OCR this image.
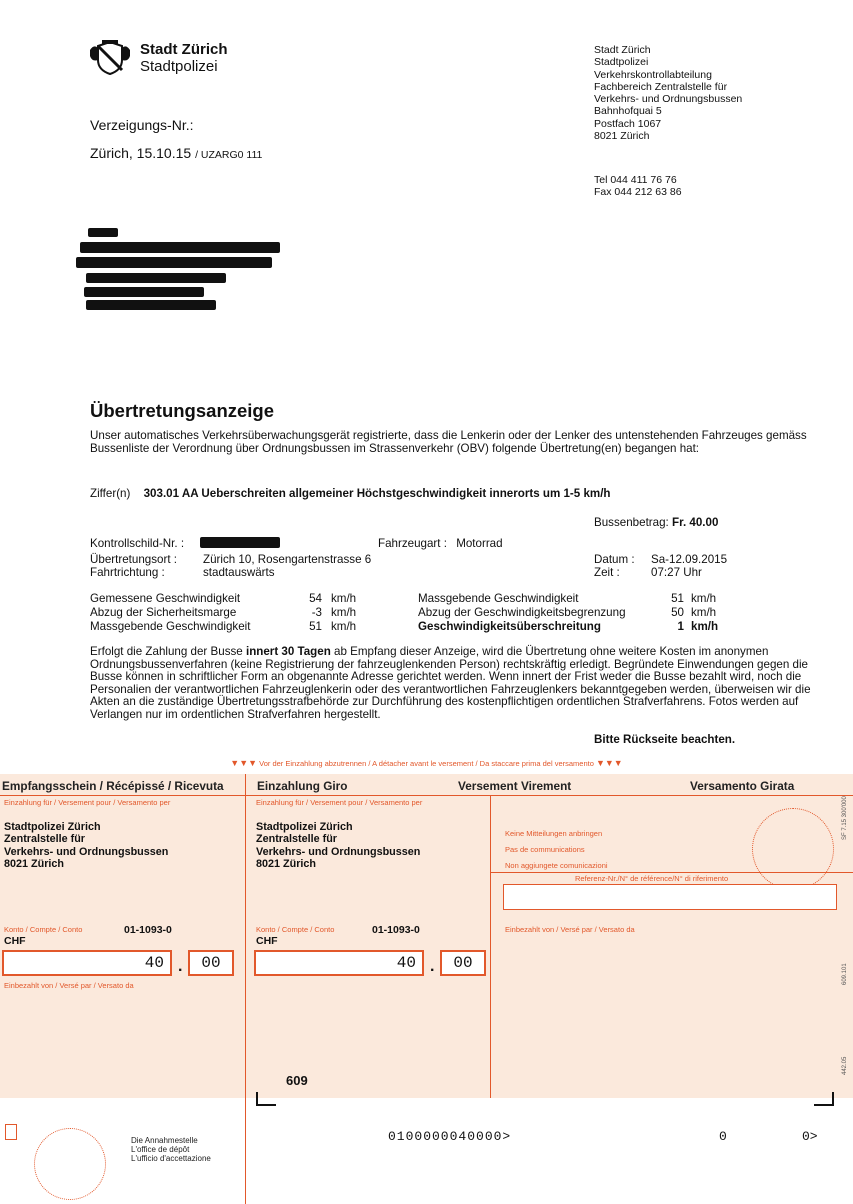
Stadt Zürich
Stadtpolizei
Stadt Zürich
Stadtpolizei
Verkehrskontrollabteilung
Fachbereich Zentralstelle für
Verkehrs- und Ordnungsbussen
Bahnhofquai 5
Postfach 1067
8021 Zürich
Tel 044 411 76 76
Fax 044 212 63 86
Verzeigungs-Nr.:
Zürich, 15.10.15 / UZARG0 111
Übertretungsanzeige
Unser automatisches Verkehrsüberwachungsgerät registrierte, dass die Lenkerin oder der Lenker des untenstehenden Fahrzeuges gemäss Bussenliste der Verordnung über Ordnungsbussen im Strassenverkehr (OBV) folgende Übertretung(en) begangen hat:
Ziffer(n) 303.01 AA Ueberschreiten allgemeiner Höchstgeschwindigkeit innerorts um 1-5 km/h
Bussenbetrag: Fr. 40.00
Kontrollschild-Nr. :	Fahrzeugart : Motorrad
Übertretungsort : Zürich 10, Rosengartenstrasse 6
Fahrtrichtung :	stadtauswärts
Datum : Sa-12.09.2015
Zeit :	07:27 Uhr
Gemessene Geschwindigkeit	54 km/h
Abzug der Sicherheitsmarge	-3 km/h
Massgebende Geschwindigkeit	51 km/h
Massgebende Geschwindigkeit	51 km/h
Abzug der Geschwindigkeitsbegrenzung	50 km/h
Geschwindigkeitsüberschreitung	1 km/h
Erfolgt die Zahlung der Busse innert 30 Tagen ab Empfang dieser Anzeige, wird die Übertretung ohne weitere Kosten im anonymen Ordnungsbussenverfahren (keine Registrierung der fahrzeuglenkenden Person) rechtskräftig erledigt. Begründete Einwendungen gegen die Busse können in schriftlicher Form an obgenannte Adresse gerichtet werden. Wenn innert der Frist weder die Busse bezahlt wird, noch die Personalien der verantwortlichen Fahrzeuglenkerin oder des verantwortlichen Fahrzeuglenkers bekanntgegeben werden, überweisen wir die Akten an die zuständige Übertretungsstrafbehörde zur Durchführung des kostenpflichtigen ordentlichen Strafverfahrens. Fotos werden auf Verlangen nur im ordentlichen Strafverfahren hergestellt.
Bitte Rückseite beachten.
▼▼▼ Vor der Einzahlung abzutrennen / A détacher avant le versement / Da staccare prima del versamento ▼▼▼
Empfangsschein / Récépissé / Ricevuta	Einzahlung Giro	Versement Virement	Versamento Girata
Einzahlung für / Versement pour / Versamento per
Stadtpolizei Zürich
Zentralstelle für
Verkehrs- und Ordnungsbussen
8021 Zürich
Konto / Compte / Conto	01-1093-0
CHF
40 .	00
Einbezahlt von / Versé par / Versato da
Einzahlung für / Versement pour / Versamento per
Stadtpolizei Zürich
Zentralstelle für
Verkehrs- und Ordnungsbussen
8021 Zürich
Konto / Compte / Conto	01-1093-0
CHF
40 .	00
609
Keine Mitteilungen anbringen
Pas de communications
Non aggiungete comunicazioni
Referenz-Nr./N° de référence/N° di riferimento
Einbezahlt von / Versé par / Versato da
SF 7.15 300'000
609.101
442.05
Die Annahmestelle
L'office de dépôt
L'ufficio d'accettazione
0100000040000>	0	0>
